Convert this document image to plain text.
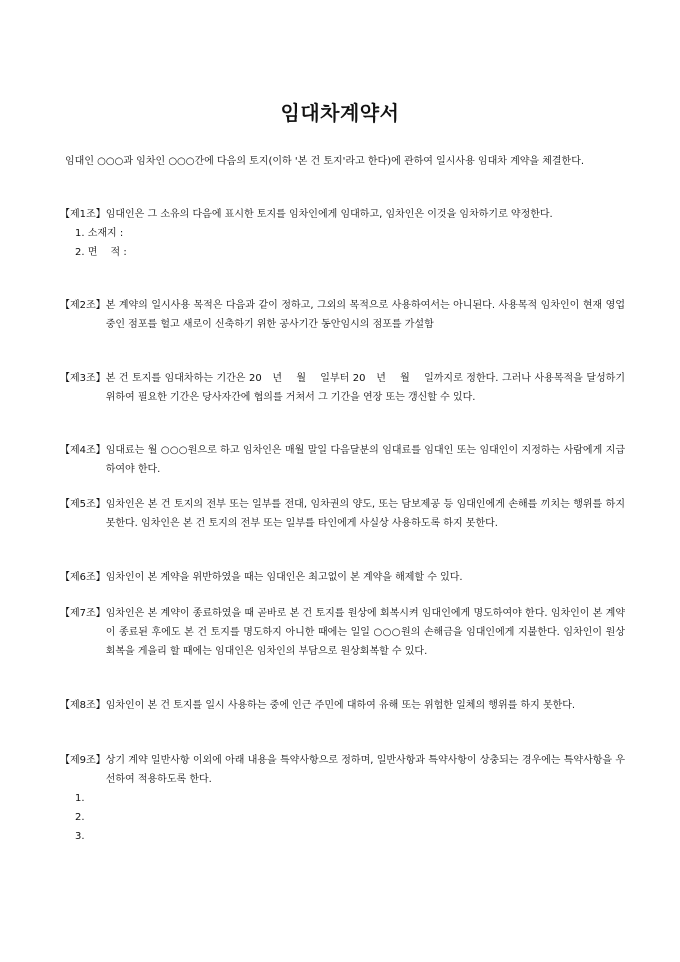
임대차계약서
임대인 ○○○과 임차인 ○○○간에 다음의 토지(이하 '본 건 토지'라고 한다)에 관하여 일시사용 임대차 계약을 체결한다.
【제1조】 임대인은 그 소유의 다음에 표시한 토지를 임차인에게 임대하고, 임차인은 이것을 임차하기로 약정한다.
1. 소재지 :
2. 면　 적 :
【제2조】 본 계약의 일시사용 목적은 다음과 같이 정하고, 그외의 목적으로 사용하여서는 아니된다. 사용목적 임차인이 현재 영업중인 점포를 헐고 새로이 신축하기 위한 공사기간 동안임시의 점포를 가설함
【제3조】 본 건 토지를 임대차하는 기간은 20　년　 월　 일부터 20　년　 월　 일까지로 정한다. 그러나 사용목적을 달성하기 위하여 필요한 기간은 당사자간에 협의를 거쳐서 그 기간을 연장 또는 갱신할 수 있다.
【제4조】 임대료는 월 ○○○원으로 하고 임차인은 매월 말일 다음달분의 임대료를 임대인 또는 임대인이 지정하는 사람에게 지급하여야 한다.
【제5조】 임차인은 본 건 토지의 전부 또는 일부를 전대, 임차권의 양도, 또는 담보제공 등 임대인에게 손해를 끼치는 행위를 하지 못한다. 임차인은 본 건 토지의 전부 또는 일부를 타인에게 사실상 사용하도록 하지 못한다.
【제6조】 임차인이 본 계약을 위반하였을 때는 임대인은 최고없이 본 계약을 해제할 수 있다.
【제7조】 임차인은 본 계약이 종료하였을 때 곧바로 본 건 토지를 원상에 회복시켜 임대인에게 명도하여야 한다. 임차인이 본 계약이 종료된 후에도 본 건 토지를 명도하지 아니한 때에는 일일 ○○○원의 손해금을 임대인에게 지불한다. 임차인이 원상회복을 게을리 할 때에는 임대인은 임차인의 부담으로 원상회복할 수 있다.
【제8조】 임차인이 본 건 토지를 일시 사용하는 중에 인근 주민에 대하여 유해 또는 위험한 일체의 행위를 하지 못한다.
【제9조】 상기 계약 일반사항 이외에 아래 내용을 특약사항으로 정하며, 일반사항과 특약사항이 상충되는 경우에는 특약사항을 우선하여 적용하도록 한다.
1.
2.
3.
